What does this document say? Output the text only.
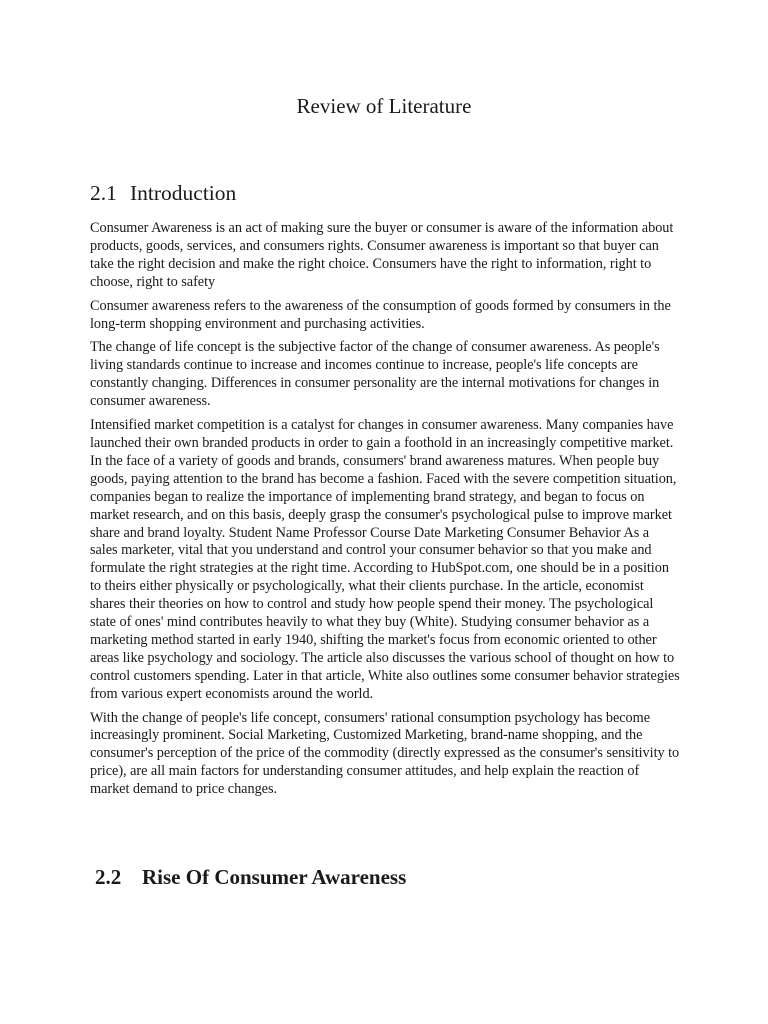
Review of Literature
2.1 Introduction

Consumer Awareness is an act of making sure the buyer or consumer is aware of the information about products, goods, services, and consumers rights. Consumer awareness is important so that buyer can take the right decision and make the right choice. Consumers have the right to information, right to choose, right to safety

Consumer awareness refers to the awareness of the consumption of goods formed by consumers in the long-term shopping environment and purchasing activities.

The change of life concept is the subjective factor of the change of consumer awareness. As people's living standards continue to increase and incomes continue to increase, people's life concepts are constantly changing. Differences in consumer personality are the internal motivations for changes in consumer awareness.

Intensified market competition is a catalyst for changes in consumer awareness. Many companies have launched their own branded products in order to gain a foothold in an increasingly competitive market. In the face of a variety of goods and brands, consumers' brand awareness matures. When people buy goods, paying attention to the brand has become a fashion. Faced with the severe competition situation, companies began to realize the importance of implementing brand strategy, and began to focus on market research, and on this basis, deeply grasp the consumer's psychological pulse to improve market share and brand loyalty. Student Name Professor Course Date Marketing Consumer Behavior As a sales marketer, vital that you understand and control your consumer behavior so that you make and formulate the right strategies at the right time. According to HubSpot.com, one should be in a position to theirs either physically or psychologically, what their clients purchase. In the article, economist shares their theories on how to control and study how people spend their money. The psychological state of ones' mind contributes heavily to what they buy (White). Studying consumer behavior as a marketing method started in early 1940, shifting the market's focus from economic oriented to other areas like psychology and sociology. The article also discusses the various school of thought on how to control customers spending. Later in that article, White also outlines some consumer behavior strategies from various expert economists around the world.

With the change of people's life concept, consumers' rational consumption psychology has become increasingly prominent. Social Marketing, Customized Marketing, brand-name shopping, and the consumer's perception of the price of the commodity (directly expressed as the consumer's sensitivity to price), are all main factors for understanding consumer attitudes, and help explain the reaction of market demand to price changes.

2.2 Rise Of Consumer Awareness
